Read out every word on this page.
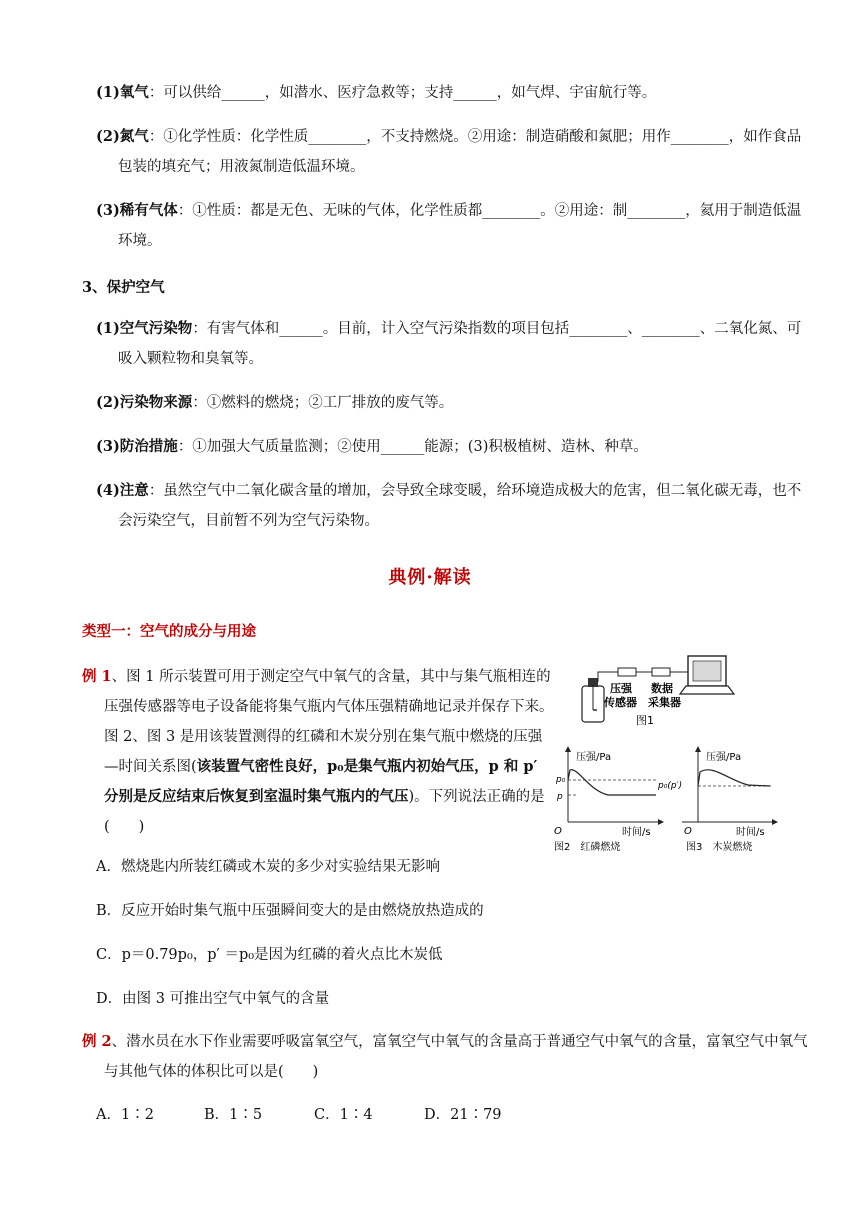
(1)氧气：可以供给______，如潜水、医疗急救等；支持______，如气焊、宇宙航行等。
(2)氮气：①化学性质：化学性质________，不支持燃烧。②用途：制造硝酸和氮肥；用作________，如作食品包装的填充气；用液氮制造低温环境。
(3)稀有气体：①性质：都是无色、无味的气体，化学性质都________。②用途：制________，氦用于制造低温环境。
3、保护空气
(1)空气污染物：有害气体和______。目前，计入空气污染指数的项目包括________、________、二氧化氮、可吸入颗粒物和臭氧等。
(2)污染物来源：①燃料的燃烧；②工厂排放的废气等。
(3)防治措施：①加强大气质量监测；②使用______能源；(3)积极植树、造林、种草。
(4)注意：虽然空气中二氧化碳含量的增加，会导致全球变暖，给环境造成极大的危害，但二氧化碳无毒，也不会污染空气，目前暂不列为空气污染物。
典例·解读
类型一：空气的成分与用途
例 1、图 1 所示装置可用于测定空气中氧气的含量，其中与集气瓶相连的压强传感器等电子设备能将集气瓶内气体压强精确地记录并保存下来。图 2、图 3 是用该装置测得的红磷和木炭分别在集气瓶中燃烧的压强—时间关系图(该装置气密性良好，p₀是集气瓶内初始气压，p 和 p′ 分别是反应结束后恢复到室温时集气瓶内的气压)。下列说法正确的是(　　)
压强
传感器
数据
采集器
图1
压强/Pa
时间/s
O
p₀
p
图2　红磷燃烧
压强/Pa
时间/s
O
p₀(p′)
图3　木炭燃烧
A．燃烧匙内所装红磷或木炭的多少对实验结果无影响
B．反应开始时集气瓶中压强瞬间变大的是由燃烧放热造成的
C．p＝0.79p₀，p′ ＝p₀是因为红磷的着火点比木炭低
D．由图 3 可推出空气中氧气的含量
例 2、潜水员在水下作业需要呼吸富氧空气，富氧空气中氧气的含量高于普通空气中氧气的含量，富氧空气中氧气与其他气体的体积比可以是(　　)
A．1∶2	B．1∶5	C．1∶4	D．21∶79
